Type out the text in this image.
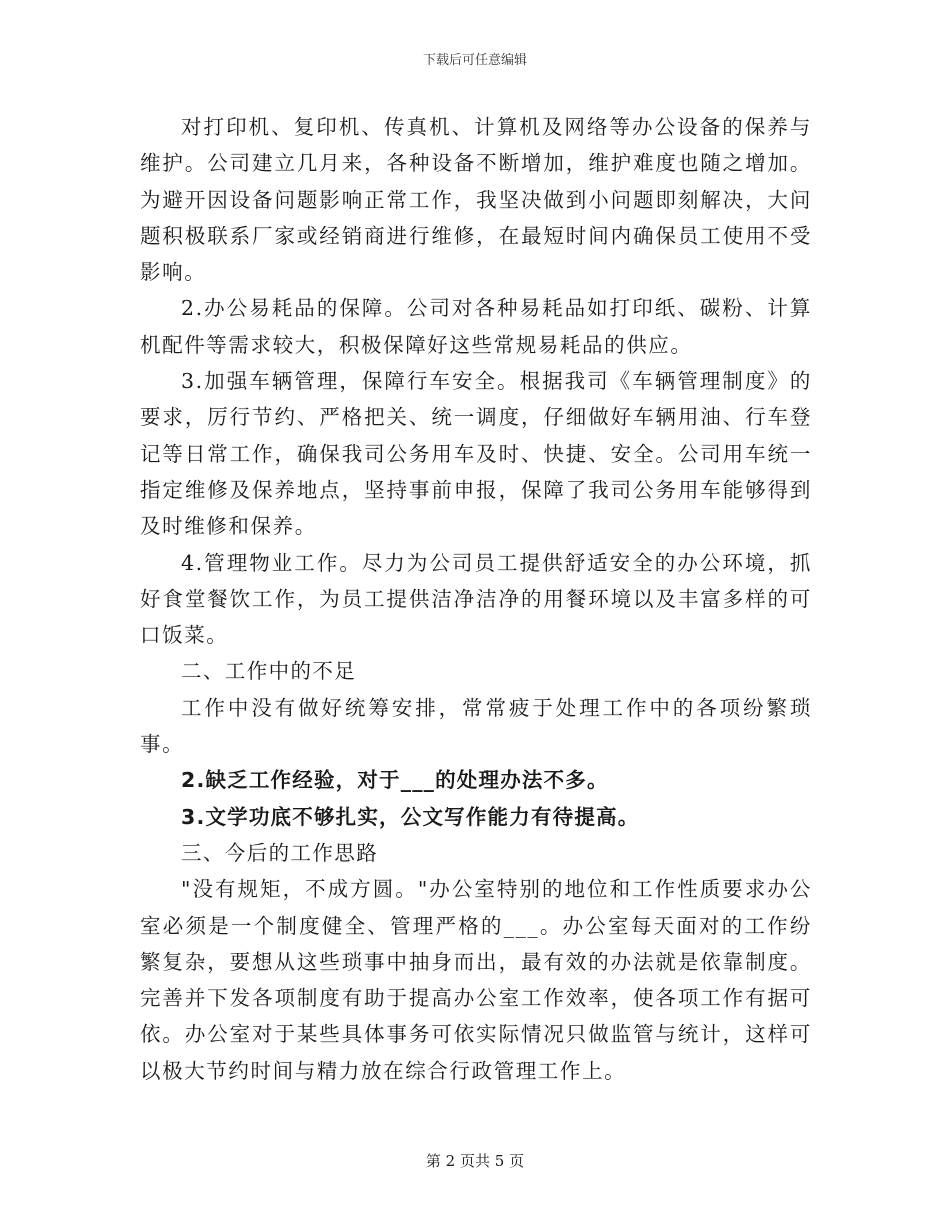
下载后可任意编辑

对打印机、复印机、传真机、计算机及网络等办公设备的保养与维护。公司建立几月来，各种设备不断增加，维护难度也随之增加。为避开因设备问题影响正常工作，我坚决做到小问题即刻解决，大问题积极联系厂家或经销商进行维修，在最短时间内确保员工使用不受影响。

2.办公易耗品的保障。公司对各种易耗品如打印纸、碳粉、计算机配件等需求较大，积极保障好这些常规易耗品的供应。

3.加强车辆管理，保障行车安全。根据我司《车辆管理制度》的要求，厉行节约、严格把关、统一调度，仔细做好车辆用油、行车登记等日常工作，确保我司公务用车及时、快捷、安全。公司用车统一指定维修及保养地点，坚持事前申报，保障了我司公务用车能够得到及时维修和保养。

4.管理物业工作。尽力为公司员工提供舒适安全的办公环境，抓好食堂餐饮工作，为员工提供洁净洁净的用餐环境以及丰富多样的可口饭菜。

二、工作中的不足

工作中没有做好统筹安排，常常疲于处理工作中的各项纷繁琐事。

2.缺乏工作经验，对于___的处理办法不多。

3.文学功底不够扎实，公文写作能力有待提高。

三、今后的工作思路

"没有规矩，不成方圆。"办公室特别的地位和工作性质要求办公室必须是一个制度健全、管理严格的___。办公室每天面对的工作纷繁复杂，要想从这些琐事中抽身而出，最有效的办法就是依靠制度。完善并下发各项制度有助于提高办公室工作效率，使各项工作有据可依。办公室对于某些具体事务可依实际情况只做监管与统计，这样可以极大节约时间与精力放在综合行政管理工作上。

第 2 页共 5 页
